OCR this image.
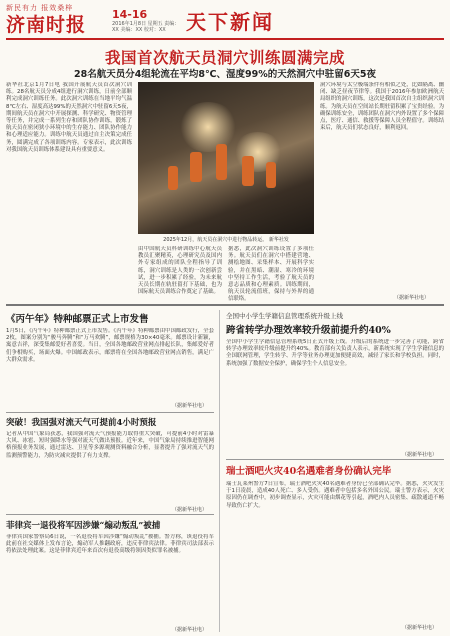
新民有力 报效桑梓
济南时报 14-16
2016年1月8日 星期五 责编：XX 美编：XX 校对：XX	天下新闻
我国首次航天员洞穴训练圆满完成
28名航天员分4组轮流在平均8℃、湿度99%的天然洞穴中驻留6天5夜
新华社北京1月7日电 我国开展航天员首次洞穴训练。28名航天员分成4组进行洞穴训练，日前全部顺利完成洞穴训练任务。此次洞穴训练在当地平均气温8℃左右、湿度高达99%的天然洞穴中驻留6天5夜，期间航天员在洞穴中开展探测、科学研究、物资管理等任务，并完成一系列生存和团队协作训练，锻炼了航天员在密闭狭小环境中的生存能力、团队协作能力和心理适应能力。训练中航天员通过自主决策完成任务，圆满完成了各项训练内容。专家表示，此次训练对我国航天员训练体系建设具有重要意义。
2025年12月，航天员在洞穴中进行物品转运。 新华社发
由中国航天员科研训练中心航天员教员汇聚精英，心理研究员及国内外专家组成的团队全程指导了训练，洞穴训练是人类的一次创新尝试，进一步积累了经验，为未来航天员长期在轨驻留打下基础，也为国际航天员训练合作奠定了基础。
据悉，此次洞穴训练设置了多项任务。航天员们在洞穴中搭建营地、测绘地图、采集样本、开展科学实验，并在黑暗、潮湿、寒冷的环境中坚持工作生活，考验了航天员的意志品质和心理素质。训练期间，航天员轮流值班，保持与外界的通信联络。
洞穴环境与太空极端条件有相似之处，比如隔离、幽闭、缺乏昼夜节律等。我国于2016年参加欧洲航天局组织的洞穴训练，这次是我国首次自主组织洞穴训练。为航天员在空间站长期驻留积累了宝贵经验。为确保训练安全，训练团队在洞穴内外设置了多个保障点，医疗、通信、救援等保障人员全程值守。训练结束后，航天员们状态良好，顺利返回。
（据新华社电）
《丙午年》特种邮票正式上市发售
1月5日，《丙午年》特种邮票正式上市发售。《丙午年》特种邮票由中国邮政发行，全套2枚，图案分别为“骏马奔腾”和“万马欢腾”，邮票规格为30×40毫米。邮票设计新颖，寓意吉祥，深受集邮爱好者喜爱。当日，全国各地邮政营业网点排起长队，集邮爱好者们争相购买，场面火爆。中国邮政表示，邮票将在全国各地邮政营业网点销售，满足广大群众需求。
（据新华社电）
突破！我国强对流天气可提前4小时预报
记者从中国气象局获悉，我国强对流天气预报能力取得重大突破，可提前4小时对雷暴大风、冰雹、短时强降水等强对流天气做出预报。近年来，中国气象局持续推进智能网格预报业务发展，通过雷达、卫星等多源观测资料融合分析，显著提升了强对流天气的监测预警能力，为防灾减灾提供了有力支撑。
（据新华社电）
菲律宾一退役将军因涉嫌“煽动叛乱”被捕
菲律宾国家警察局6日说，一名退役将军因涉嫌“煽动叛乱”被捕。警方称，该退役将军此前在社交媒体上发布言论，煽动军人推翻政府，违反菲律宾法律。菲律宾司法部表示将依法处理此案。这是菲律宾近年来首次有退役高级将领因类似罪名被捕。
（据新华社电）
全国中小学生学籍信息管理系统升级上线
跨省转学办理效率较升级前提升约40%
全国中小学生学籍信息管理系统5日正式升级上线。升级后的系统进一步完善了功能，跨省转学办理效率较升级前提升约40%。教育部有关负责人表示，新系统实现了学生学籍信息的全国联网管理，学生转学、升学等业务办理更加便捷高效，减轻了家长和学校负担。同时，系统加强了数据安全保护，确保学生个人信息安全。
（据新华社电）
瑞士酒吧火灾40名遇难者身份确认完毕
瑞士瓦莱州警方7日宣布，瑞士酒吧火灾40名遇难者身份已全部确认完毕。据悉，火灾发生于1日凌晨，造成40人死亡、多人受伤。遇难者中包括多名外国公民。瑞士警方表示，火灾原因仍在调查中，初步调查显示，火灾可能由烟花等引起，酒吧内人员密集、疏散通道不畅导致伤亡扩大。
（据新华社电）
